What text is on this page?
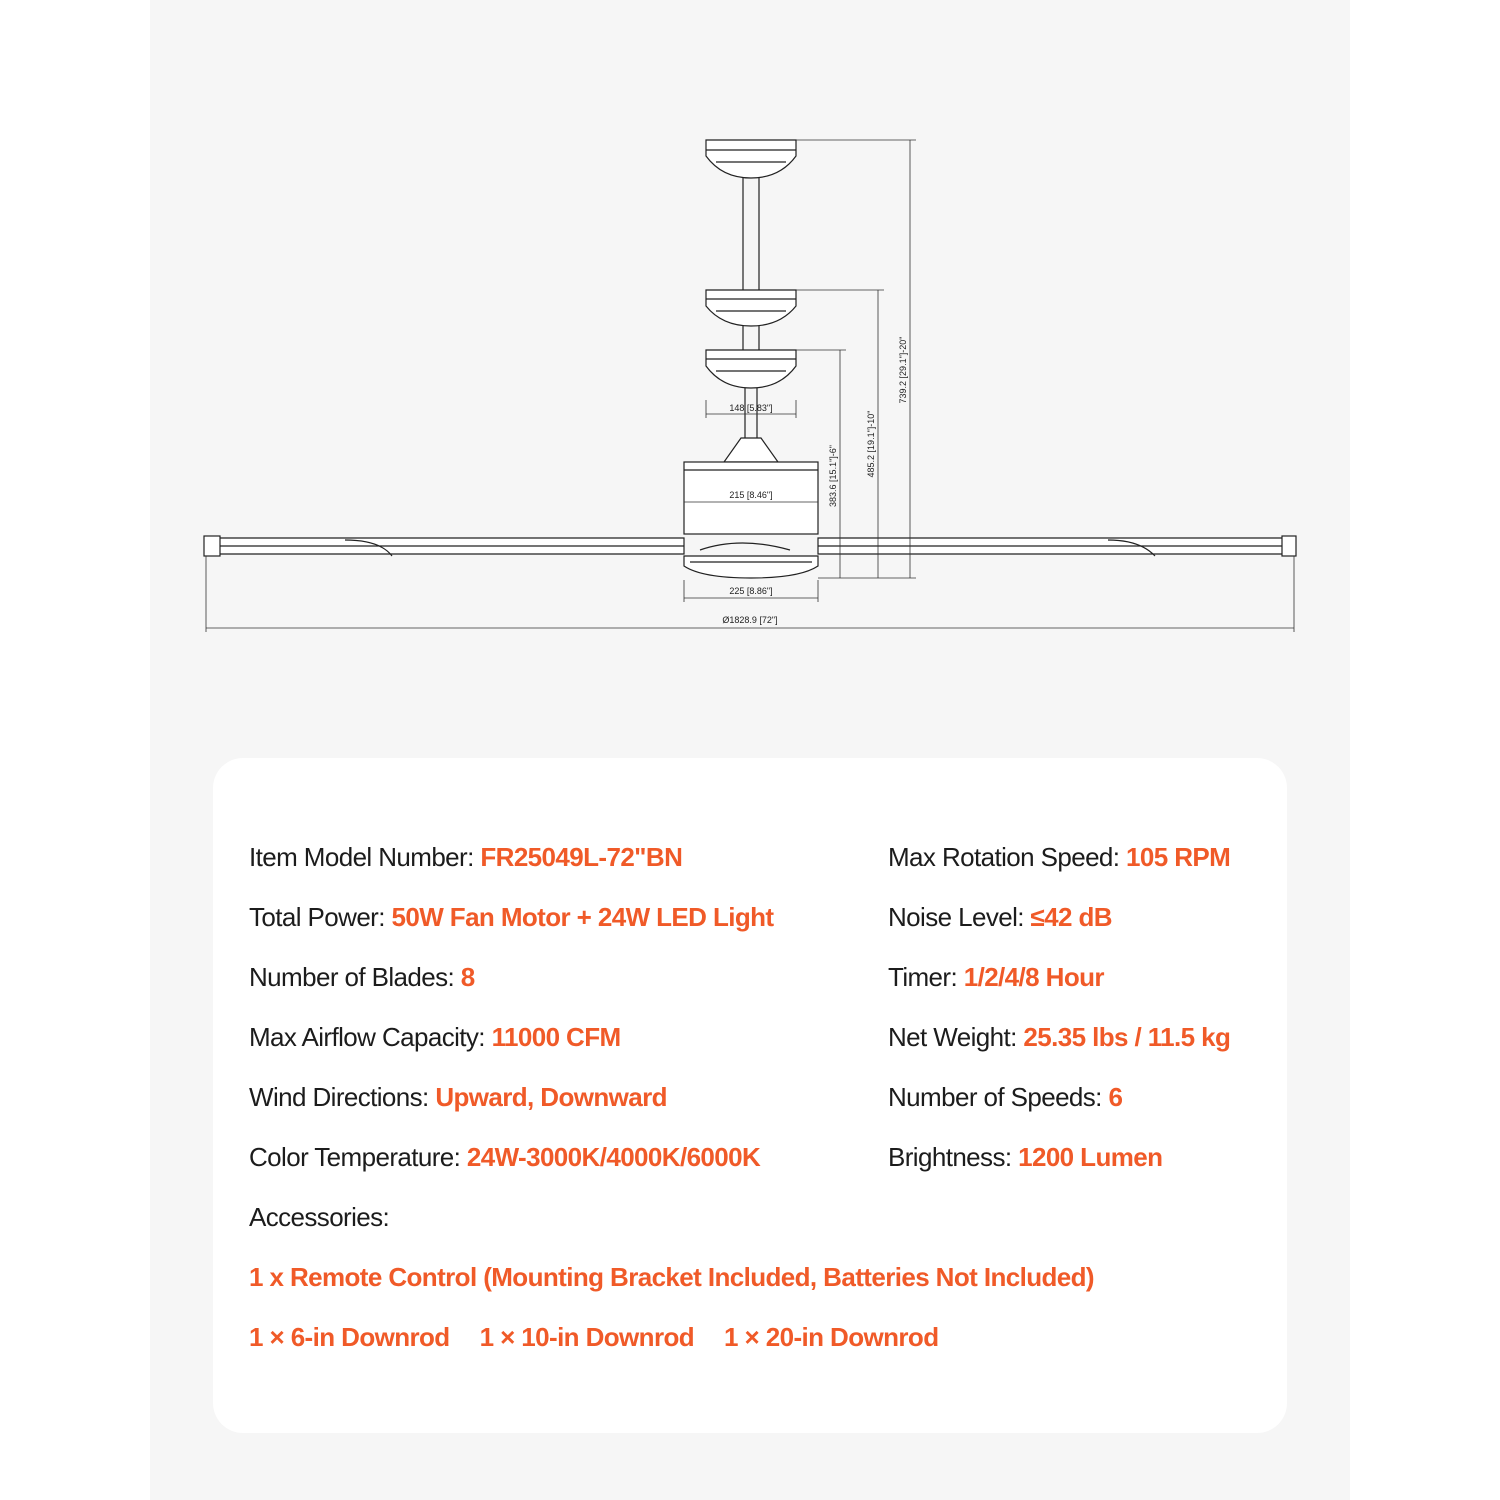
148 [5.83"]
215 [8.46"]
225 [8.86"]
Ø1828.9 [72"]
383.6 [15.1"]-6"	485.2 [19.1"]-10"
739.2 [29.1"]-20"
Item Model Number: FR25049L-72"BN
Total Power: 50W Fan Motor + 24W LED Light
Number of Blades: 8
Max Airflow Capacity: 11000 CFM
Wind Directions: Upward, Downward
Color Temperature: 24W-3000K/4000K/6000K
Max Rotation Speed: 105 RPM
Noise Level: ≤42 dB
Timer: 1/2/4/8 Hour
Net Weight: 25.35 lbs / 11.5 kg
Number of Speeds: 6
Brightness: 1200 Lumen
Accessories:
1 x Remote Control (Mounting Bracket Included, Batteries Not Included)
1 × 6-in Downrod 1 × 10-in Downrod 1 × 20-in Downrod
